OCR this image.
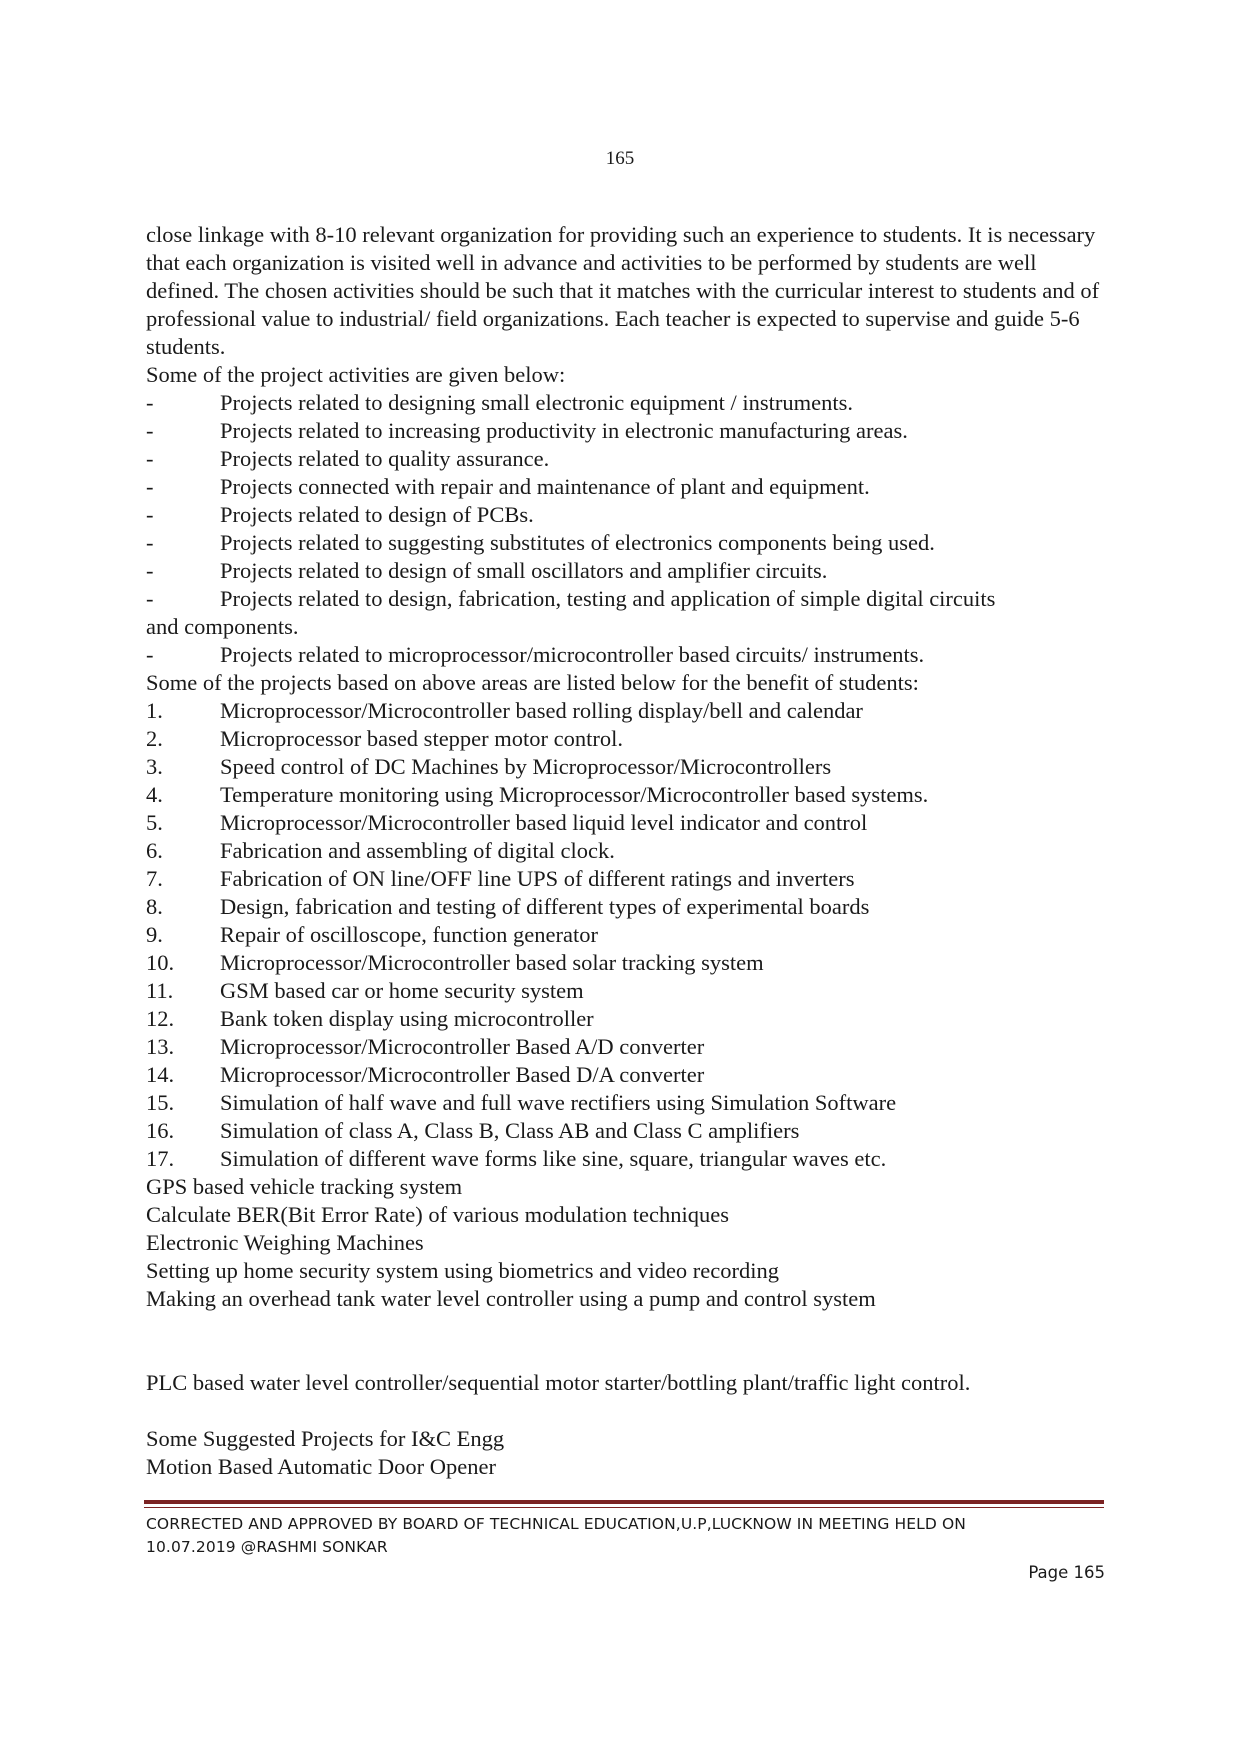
165

close linkage with 8-10 relevant organization for providing such an experience to students. It is necessary that each organization is visited well in advance and activities to be performed by students are well defined. The chosen activities should be such that it matches with the curricular interest to students and of professional value to industrial/ field organizations. Each teacher is expected to supervise and guide 5-6 students.

Some of the project activities are given below:

-	Projects related to designing small electronic equipment / instruments.
-	Projects related to increasing productivity in electronic manufacturing areas.
-	Projects related to quality assurance.
-	Projects connected with repair and maintenance of plant and equipment.
-	Projects related to design of PCBs.
-	Projects related to suggesting substitutes of electronics components being used.
-	Projects related to design of small oscillators and amplifier circuits.
-	Projects related to design, fabrication, testing and application of simple digital circuits
and components.
-	Projects related to microprocessor/microcontroller based circuits/ instruments.

Some of the projects based on above areas are listed below for the benefit of students:

1.	Microprocessor/Microcontroller based rolling display/bell and calendar
2.	Microprocessor based stepper motor control.
3.	Speed control of DC Machines by Microprocessor/Microcontrollers
4.	Temperature monitoring using Microprocessor/Microcontroller based systems.
5.	Microprocessor/Microcontroller based liquid level indicator and control
6.	Fabrication and assembling of digital clock.
7.	Fabrication of ON line/OFF line UPS of different ratings and inverters
8.	Design, fabrication and testing of different types of experimental boards
9.	Repair of oscilloscope, function generator
10.	Microprocessor/Microcontroller based solar tracking system
11.	GSM based car or home security system
12.	Bank token display using microcontroller
13.	Microprocessor/Microcontroller Based A/D converter
14.	Microprocessor/Microcontroller Based D/A converter
15.	Simulation of half wave and full wave rectifiers using Simulation Software
16.	Simulation of class A, Class B, Class AB and Class C amplifiers
17.	Simulation of different wave forms like sine, square, triangular waves etc.
GPS based vehicle tracking system
Calculate BER(Bit Error Rate) of various modulation techniques
Electronic Weighing Machines
Setting up home security system using biometrics and video recording
Making an overhead tank water level controller using a pump and control system

PLC based water level controller/sequential motor starter/bottling plant/traffic light control.

Some Suggested Projects for I&C Engg

Motion Based Automatic Door Opener

CORRECTED AND APPROVED BY BOARD OF TECHNICAL EDUCATION,U.P,LUCKNOW IN MEETING HELD ON
10.07.2019 @RASHMI SONKAR
Page 165
